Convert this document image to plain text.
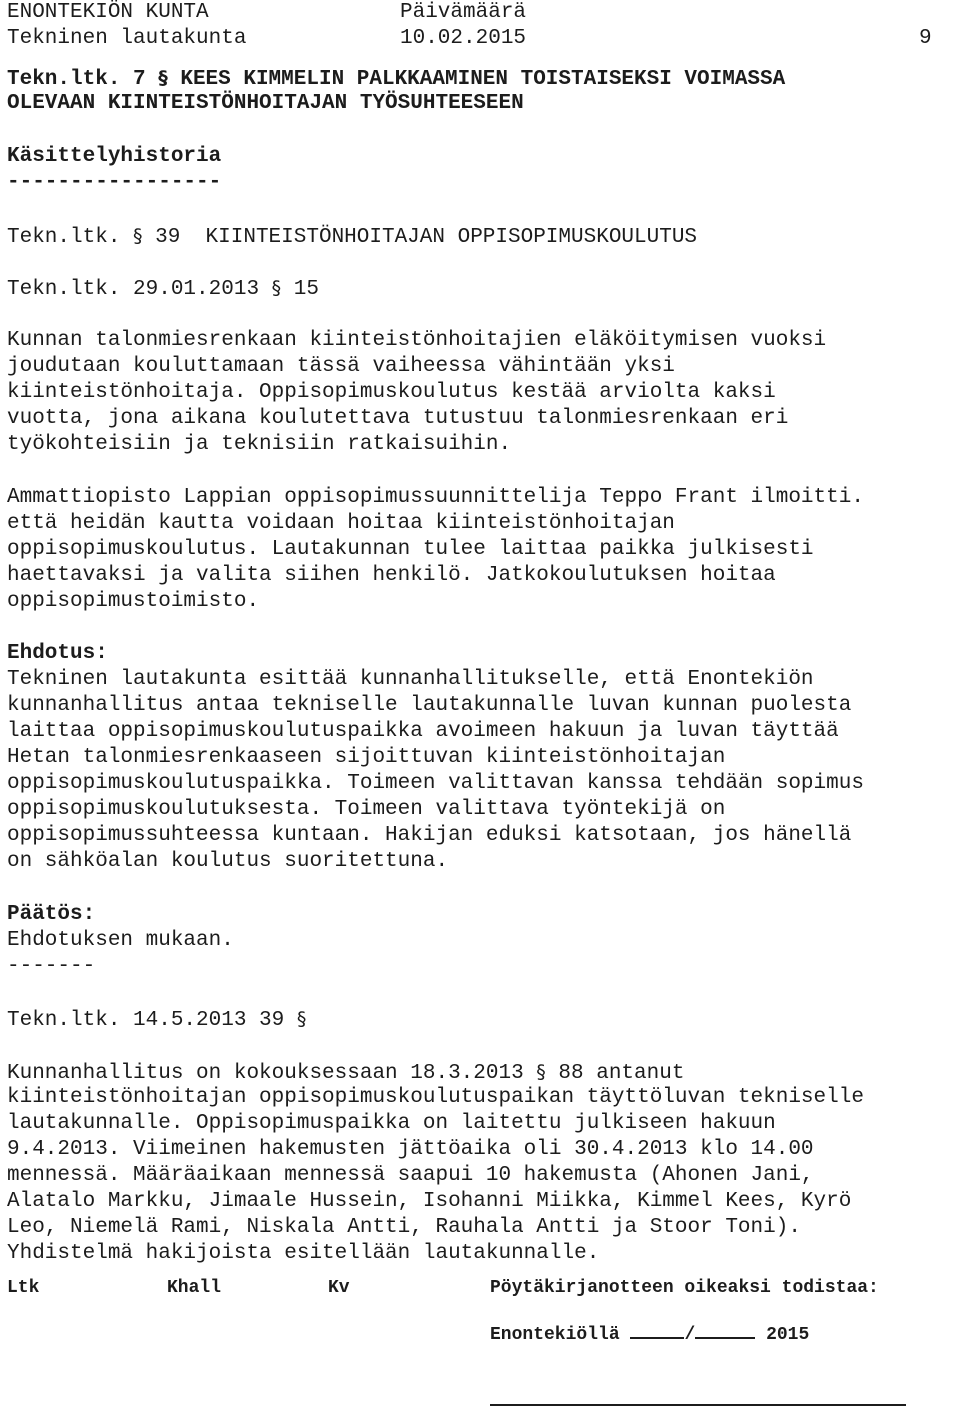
ENONTEKIÖN KUNTA	Päivämäärä
Tekninen lautakunta	10.02.2015	9
Tekn.ltk. 7 § KEES KIMMELIN PALKKAAMINEN TOISTAISEKSI VOIMASSA
OLEVAAN KIINTEISTÖNHOITAJAN TYÖSUHTEESEEN
Käsittelyhistoria
-----------------
Tekn.ltk. § 39  KIINTEISTÖNHOITAJAN OPPISOPIMUSKOULUTUS
Tekn.ltk. 29.01.2013 § 15
Kunnan talonmiesrenkaan kiinteistönhoitajien eläköitymisen vuoksi
joudutaan kouluttamaan tässä vaiheessa vähintään yksi
kiinteistönhoitaja. Oppisopimuskoulutus kestää arviolta kaksi
vuotta, jona aikana koulutettava tutustuu talonmiesrenkaan eri
työkohteisiin ja teknisiin ratkaisuihin.
Ammattiopisto Lappian oppisopimussuunnittelija Teppo Frant ilmoitti.
että heidän kautta voidaan hoitaa kiinteistönhoitajan
oppisopimuskoulutus. Lautakunnan tulee laittaa paikka julkisesti
haettavaksi ja valita siihen henkilö. Jatkokoulutuksen hoitaa
oppisopimustoimisto.
Ehdotus:
Tekninen lautakunta esittää kunnanhallitukselle, että Enontekiön
kunnanhallitus antaa tekniselle lautakunnalle luvan kunnan puolesta
laittaa oppisopimuskoulutuspaikka avoimeen hakuun ja luvan täyttää
Hetan talonmiesrenkaaseen sijoittuvan kiinteistönhoitajan
oppisopimuskoulutuspaikka. Toimeen valittavan kanssa tehdään sopimus
oppisopimuskoulutuksesta. Toimeen valittava työntekijä on
oppisopimussuhteessa kuntaan. Hakijan eduksi katsotaan, jos hänellä
on sähköalan koulutus suoritettuna.
Päätös:
Ehdotuksen mukaan.
-------
Tekn.ltk. 14.5.2013 39 §
Kunnanhallitus on kokouksessaan 18.3.2013 § 88 antanut
kiinteistönhoitajan oppisopimuskoulutuspaikan täyttöluvan tekniselle
lautakunnalle. Oppisopimuspaikka on laitettu julkiseen hakuun
9.4.2013. Viimeinen hakemusten jättöaika oli 30.4.2013 klo 14.00
mennessä. Määräaikaan mennessä saapui 10 hakemusta (Ahonen Jani,
Alatalo Markku, Jimaale Hussein, Isohanni Miikka, Kimmel Kees, Kyrö
Leo, Niemelä Rami, Niskala Antti, Rauhala Antti ja Stoor Toni).
Yhdistelmä hakijoista esitellään lautakunnalle.
Ltk	Khall	Kv	Pöytäkirjanotteen oikeaksi todistaa:
Enontekiöllä	/	2015
